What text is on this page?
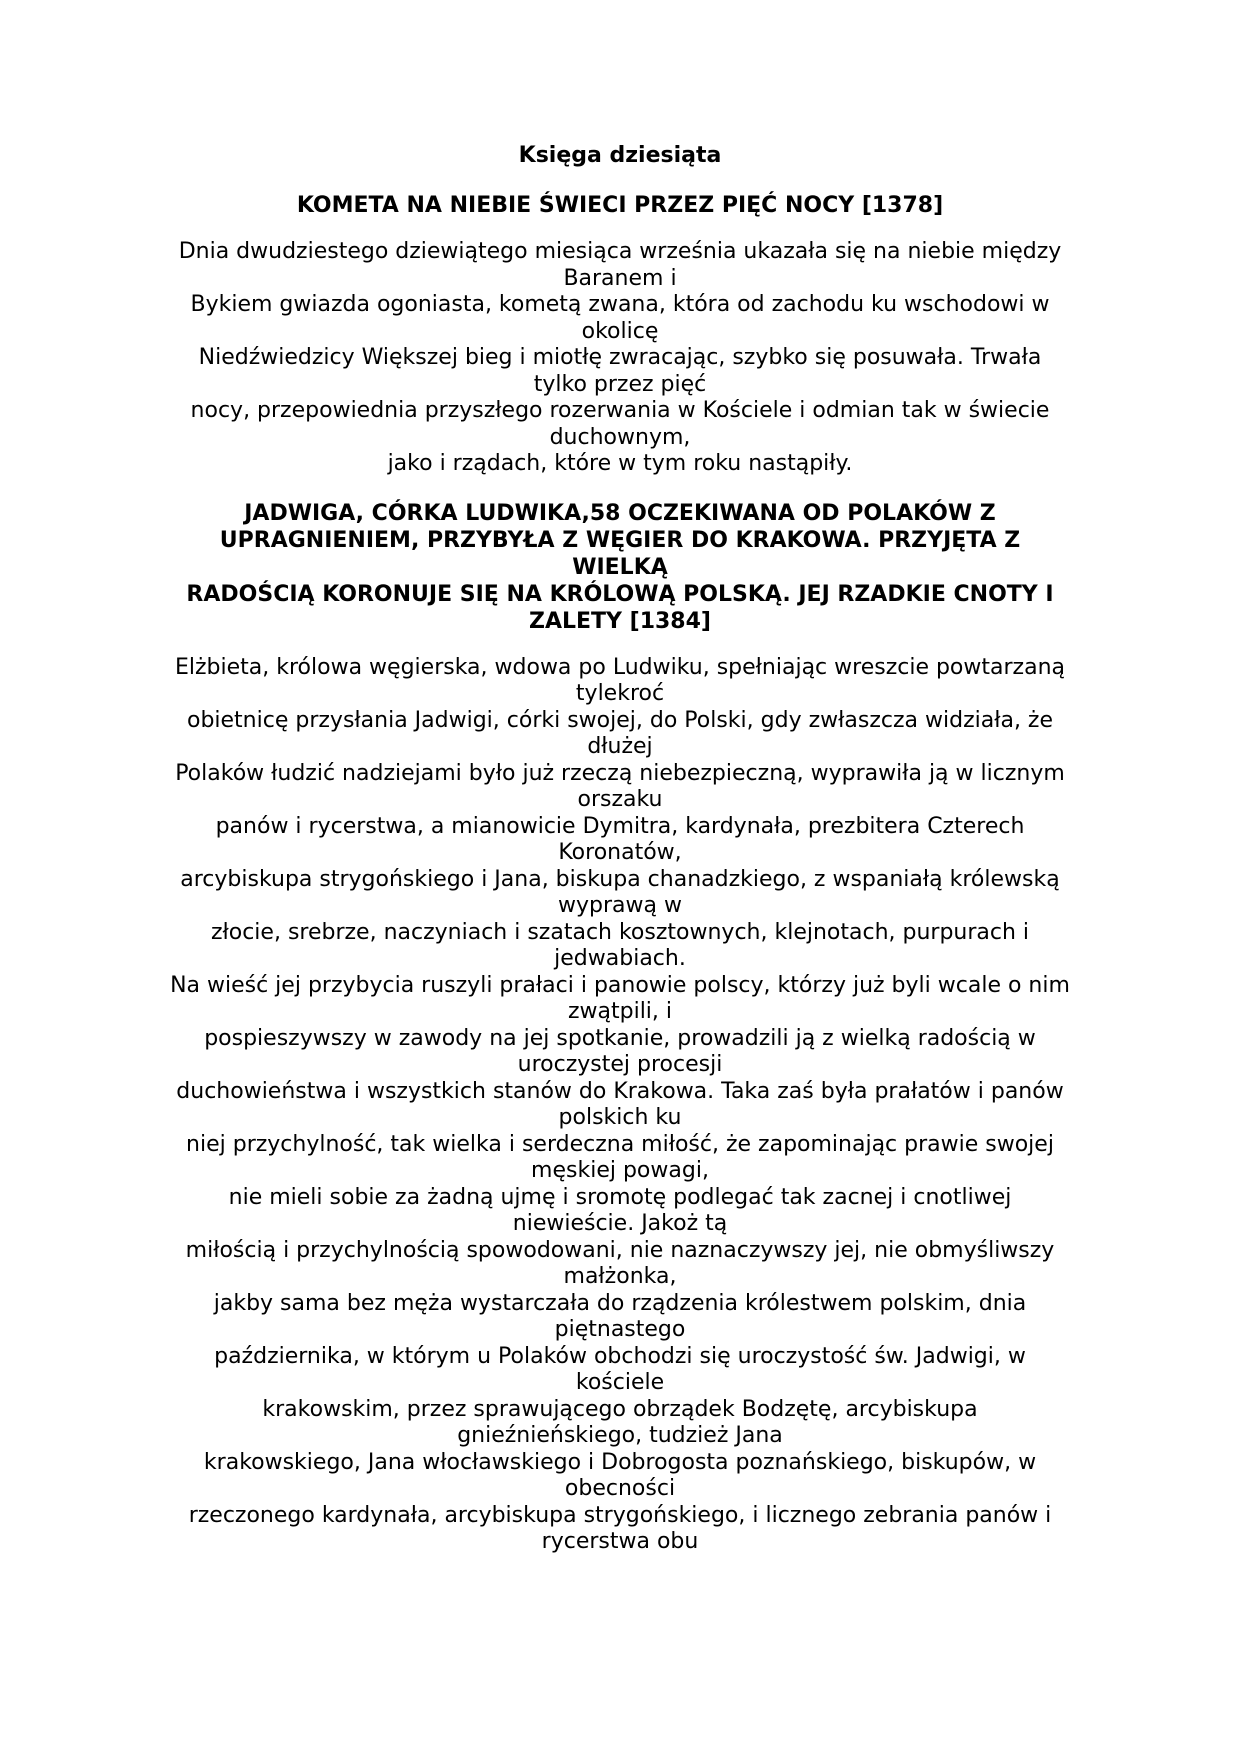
Księga dziesiąta
KOMETA NA NIEBIE ŚWIECI PRZEZ PIĘĆ NOCY [1378]
Dnia dwudziestego dziewiątego miesiąca września ukazała się na niebie między
Baranem i
Bykiem gwiazda ogoniasta, kometą zwana, która od zachodu ku wschodowi w
okolicę
Niedźwiedzicy Większej bieg i miotłę zwracając, szybko się posuwała. Trwała
tylko przez pięć
nocy, przepowiednia przyszłego rozerwania w Kościele i odmian tak w świecie
duchownym,
jako i rządach, które w tym roku nastąpiły.
JADWIGA, CÓRKA LUDWIKA,58 OCZEKIWANA OD POLAKÓW Z
UPRAGNIENIEM, PRZYBYŁA Z WĘGIER DO KRAKOWA. PRZYJĘTA Z
WIELKĄ
RADOŚCIĄ KORONUJE SIĘ NA KRÓLOWĄ POLSKĄ. JEJ RZADKIE CNOTY I
ZALETY [1384]
Elżbieta, królowa węgierska, wdowa po Ludwiku, spełniając wreszcie powtarzaną
tylekroć
obietnicę przysłania Jadwigi, córki swojej, do Polski, gdy zwłaszcza widziała, że
dłużej
Polaków łudzić nadziejami było już rzeczą niebezpieczną, wyprawiła ją w licznym
orszaku
panów i rycerstwa, a mianowicie Dymitra, kardynała, prezbitera Czterech
Koronatów,
arcybiskupa strygońskiego i Jana, biskupa chanadzkiego, z wspaniałą królewską
wyprawą w
złocie, srebrze, naczyniach i szatach kosztownych, klejnotach, purpurach i
jedwabiach.
Na wieść jej przybycia ruszyli prałaci i panowie polscy, którzy już byli wcale o nim
zwątpili, i
pospieszywszy w zawody na jej spotkanie, prowadzili ją z wielką radością w
uroczystej procesji
duchowieństwa i wszystkich stanów do Krakowa. Taka zaś była prałatów i panów
polskich ku
niej przychylność, tak wielka i serdeczna miłość, że zapominając prawie swojej
męskiej powagi,
nie mieli sobie za żadną ujmę i sromotę podlegać tak zacnej i cnotliwej
niewieście. Jakoż tą
miłością i przychylnością spowodowani, nie naznaczywszy jej, nie obmyśliwszy
małżonka,
jakby sama bez męża wystarczała do rządzenia królestwem polskim, dnia
piętnastego
października, w którym u Polaków obchodzi się uroczystość św. Jadwigi, w
kościele
krakowskim, przez sprawującego obrządek Bodzętę, arcybiskupa
gnieźnieńskiego, tudzież Jana
krakowskiego, Jana włocławskiego i Dobrogosta poznańskiego, biskupów, w
obecności
rzeczonego kardynała, arcybiskupa strygońskiego, i licznego zebrania panów i
rycerstwa obu
